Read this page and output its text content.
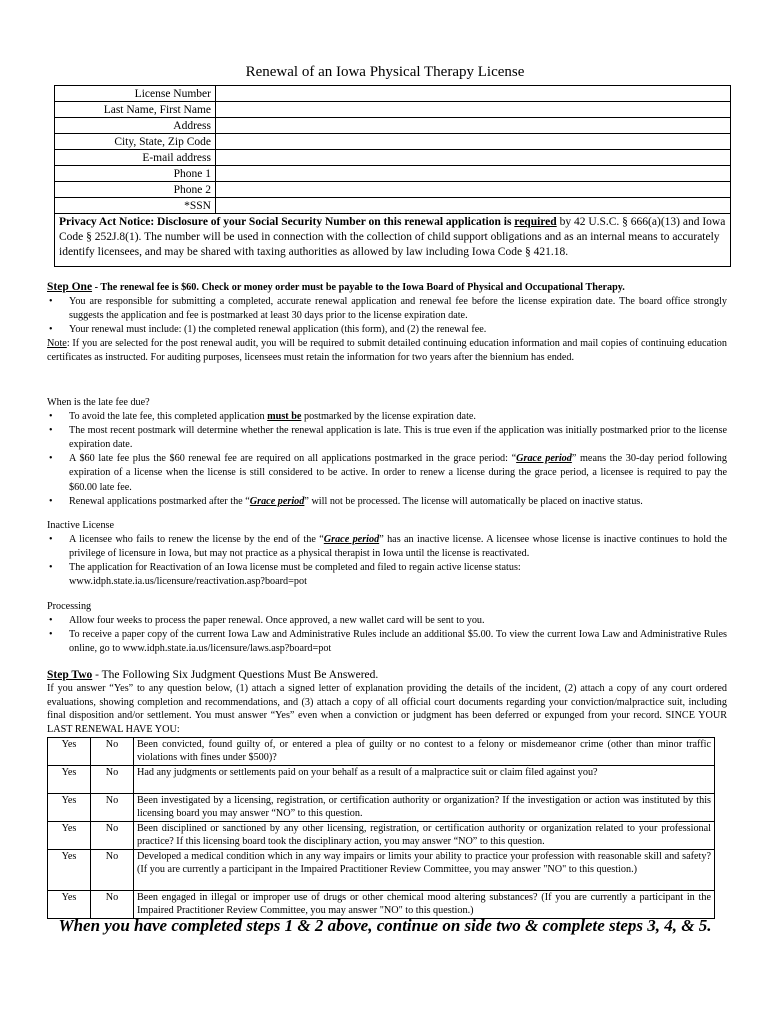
Renewal of an Iowa Physical Therapy License
License Number	
Last Name, First Name	
Address	
City, State, Zip Code	
E-mail address	
Phone 1	
Phone 2	
*SSN	
Privacy Act Notice: Disclosure of your Social Security Number on this renewal application is required by 42 U.S.C. § 666(a)(13) and Iowa Code § 252J.8(1). The number will be used in connection with the collection of child support obligations and as an internal means to accurately identify licensees, and may be shared with taxing authorities as allowed by law including Iowa Code § 421.18.

Step One - The renewal fee is $60. Check or money order must be payable to the Iowa Board of Physical and Occupational Therapy.

• You are responsible for submitting a completed, accurate renewal application and renewal fee before the license expiration date. The board office strongly suggests the application and fee is postmarked at least 30 days prior to the license expiration date.
• Your renewal must include: (1) the completed renewal application (this form), and (2) the renewal fee.

Note: If you are selected for the post renewal audit, you will be required to submit detailed continuing education information and mail copies of continuing education certificates as instructed. For auditing purposes, licensees must retain the information for two years after the biennium has ended.

When is the late fee due?

• To avoid the late fee, this completed application must be postmarked by the license expiration date.
• The most recent postmark will determine whether the renewal application is late. This is true even if the application was initially postmarked prior to the license expiration date.
• A $60 late fee plus the $60 renewal fee are required on all applications postmarked in the grace period: “Grace period” means the 30-day period following expiration of a license when the license is still considered to be active. In order to renew a license during the grace period, a licensee is required to pay the $60.00 late fee.
• Renewal applications postmarked after the “Grace period” will not be processed. The license will automatically be placed on inactive status.

Inactive License

• A licensee who fails to renew the license by the end of the “Grace period” has an inactive license. A licensee whose license is inactive continues to hold the privilege of licensure in Iowa, but may not practice as a physical therapist in Iowa until the license is reactivated.
• The application for Reactivation of an Iowa license must be completed and filed to regain active license status:
www.idph.state.ia.us/licensure/reactivation.asp?board=pot

Processing

• Allow four weeks to process the paper renewal. Once approved, a new wallet card will be sent to you.
• To receive a paper copy of the current Iowa Law and Administrative Rules include an additional $5.00. To view the current Iowa Law and Administrative Rules online, go to www.idph.state.ia.us/licensure/laws.asp?board=pot

Step Two - The Following Six Judgment Questions Must Be Answered.

If you answer “Yes” to any question below, (1) attach a signed letter of explanation providing the details of the incident, (2) attach a copy of any court ordered evaluations, showing completion and recommendations, and (3) attach a copy of all official court documents regarding your conviction/malpractice suit, including final disposition and/or settlement. You must answer “Yes” even when a conviction or judgment has been deferred or expunged from your record. SINCE YOUR LAST RENEWAL HAVE YOU:

Yes	No	Been convicted, found guilty of, or entered a plea of guilty or no contest to a felony or misdemeanor crime (other than minor traffic violations with fines under $500)?
Yes	No	Had any judgments or settlements paid on your behalf as a result of a malpractice suit or claim filed against you?
Yes	No	Been investigated by a licensing, registration, or certification authority or organization? If the investigation or action was instituted by this licensing board you may answer “NO” to this question.
Yes	No	Been disciplined or sanctioned by any other licensing, registration, or certification authority or organization related to your professional practice? If this licensing board took the disciplinary action, you may answer “NO” to this question.
Yes	No	Developed a medical condition which in any way impairs or limits your ability to practice your profession with reasonable skill and safety? (If you are currently a participant in the Impaired Practitioner Review Committee, you may answer "NO" to this question.)
Yes	No	Been engaged in illegal or improper use of drugs or other chemical mood altering substances? (If you are currently a participant in the Impaired Practitioner Review Committee, you may answer "NO" to this question.)
When you have completed steps 1 & 2 above, continue on side two & complete steps 3, 4, & 5.
